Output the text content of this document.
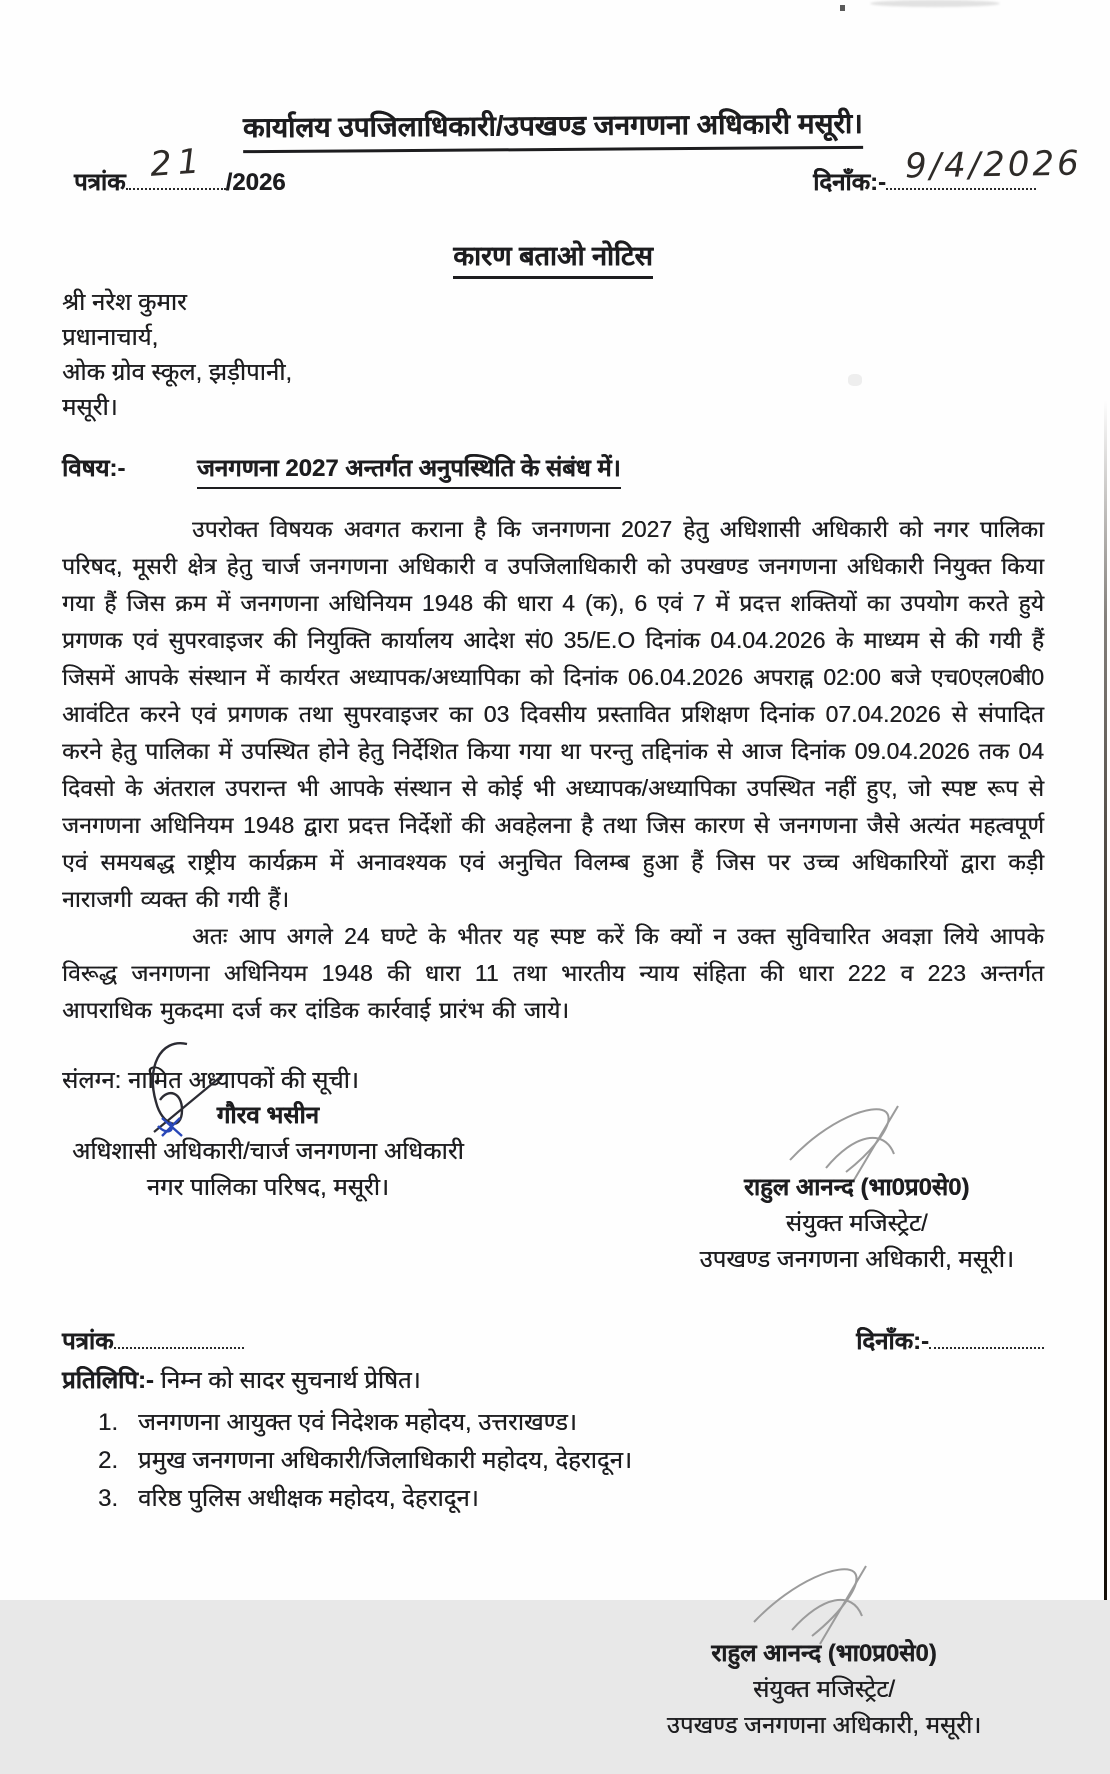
कार्यालय उपजिलाधिकारी/उपखण्ड जनगणना अधिकारी मसूरी।
पत्रांक	/2026
21	दिनाँक:- 9/4/2026
कारण बताओ नोटिस
श्री नरेश कुमार
प्रधानाचार्य,
ओक ग्रोव स्कूल, झड़ीपानी,
मसूरी।
विषय:-	जनगणना 2027 अन्तर्गत अनुपस्थिति के संबंध में।

उपरोक्त विषयक अवगत कराना है कि जनगणना 2027 हेतु अधिशासी अधिकारी को नगर पालिका परिषद, मूसरी क्षेत्र हेतु चार्ज जनगणना अधिकारी व उपजिलाधिकारी को उपखण्ड जनगणना अधिकारी नियुक्त किया गया हैं जिस क्रम में जनगणना अधिनियम 1948 की धारा 4 (क), 6 एवं 7 में प्रदत्त शक्तियों का उपयोग करते हुये प्रगणक एवं सुपरवाइजर की नियुक्ति कार्यालय आदेश सं0 35/E.O दिनांक 04.04.2026 के माध्यम से की गयी हैं जिसमें आपके संस्थान में कार्यरत अध्यापक/अध्यापिका को दिनांक 06.04.2026 अपराह्न 02:00 बजे एच0एल0बी0 आवंटित करने एवं प्रगणक तथा सुपरवाइजर का 03 दिवसीय प्रस्तावित प्रशिक्षण दिनांक 07.04.2026 से संपादित करने हेतु पालिका में उपस्थित होने हेतु निर्देशित किया गया था परन्तु तद्दिनांक से आज दिनांक 09.04.2026 तक 04 दिवसो के अंतराल उपरान्त भी आपके संस्थान से कोई भी अध्यापक/अध्यापिका उपस्थित नहीं हुए, जो स्पष्ट रूप से जनगणना अधिनियम 1948 द्वारा प्रदत्त निर्देशों की अवहेलना है तथा जिस कारण से जनगणना जैसे अत्यंत महत्वपूर्ण एवं समयबद्ध राष्ट्रीय कार्यक्रम में अनावश्यक एवं अनुचित विलम्ब हुआ हैं जिस पर उच्च अधिकारियों द्वारा कड़ी नाराजगी व्यक्त की गयी हैं।

अतः आप अगले 24 घण्टे के भीतर यह स्पष्ट करें कि क्यों न उक्त सुविचारित अवज्ञा लिये आपके विरूद्ध जनगणना अधिनियम 1948 की धारा 11 तथा भारतीय न्याय संहिता की धारा 222 व 223 अन्तर्गत आपराधिक मुकदमा दर्ज कर दांडिक कार्रवाई प्रारंभ की जाये।

संलग्न: नामित अध्यापकों की सूची।
गौरव भसीन
अधिशासी अधिकारी/चार्ज जनगणना अधिकारी
नगर पालिका परिषद, मसूरी।	राहुल आनन्द (भा0प्र0से0)
संयुक्त मजिस्ट्रेट/
उपखण्ड जनगणना अधिकारी, मसूरी।
पत्रांक	दिनाँक:-
प्रतिलिपि:- निम्न को सादर सुचनार्थ प्रेषित।
1. जनगणना आयुक्त एवं निदेशक महोदय, उत्तराखण्ड।
2. प्रमुख जनगणना अधिकारी/जिलाधिकारी महोदय, देहरादून।
3. वरिष्ठ पुलिस अधीक्षक महोदय, देहरादून।
राहुल आनन्द (भा0प्र0से0)
संयुक्त मजिस्ट्रेट/
उपखण्ड जनगणना अधिकारी, मसूरी।
